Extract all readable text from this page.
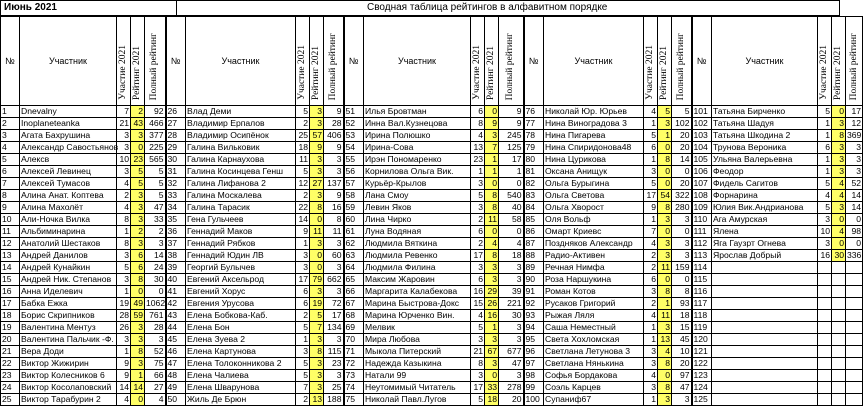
Июнь 2021	Сводная таблица рейтингов в алфавитном порядке
№	Участник	Участие 2021	Рейтинг 2021	Полный рейтинг	№	Участник	Участие 2021	Рейтинг 2021	Полный рейтинг	№	Участник	Участие 2021	Рейтинг 2021	Полный рейтинг	№	Участник	Участие 2021	Рейтинг 2021	Полный рейтинг	№	Участник	Участие 2021	Рейтинг 2021	Полный рейтинг
1	Dnevalny	7	2	92	26	Влад Деми	5	3	9	51	Илья Бровтман	6	0	9	76	Николай Юр. Юрьев	4	5	5	101	Татьяна Бирченко	5	0	17
2	Inoplaneteanka	21	43	466	27	Владимир Ерпалов	2	3	28	52	Инна Вал.Кузнецова	8	9	9	77	Нина Виноградова 3	1	3	102	102	Татьяна Шадуя	1	3	12
3	Агата Бахрушина	3	3	377	28	Владимир Осипёнок	25	57	406	53	Ирина Полюшко	4	3	245	78	Нина Пигарева	5	1	20	103	Татьяна Шкодина 2	1	8	369
4	Александр Савостьянов	3	0	225	29	Галина Вильковик	18	9	9	54	Ирина-Сова	13	7	125	79	Нина Спиридонова48	6	0	20	104	Трунова Вероника	6	3	3
5	Алексв	10	23	565	30	Галина Карнаухова	11	3	3	55	Ирэн Пономаренко	23	1	17	80	Нина Цурикова	1	8	14	105	Ульяна Валерьевна	1	3	3
6	Алексей Левинец	3	5	5	31	Галина Косинцева Генш	5	3	3	56	Корнилова Ольга Вик.	1	1	1	81	Оксана Анищук	3	0	0	106	Феодор	1	3	3
7	Алексей Тумасов	4	5	5	32	Галина Лифанова 2	12	27	137	57	Курьёр-Крылов	3	0	0	82	Ольга Бурыгина	5	0	20	107	Фидель Сагитов	5	4	52
8	Алина Анат. Коптева	2	3	5	33	Галина Москалева	2	3	9	58	Лана Смоу	5	8	540	83	Ольга Светова	17	54	322	108	Форнарина	4	4	14
9	Алина Махолёт	4	3	47	34	Галина Тарасик	22	8	16	59	Левин Яков	3	8	40	84	Ольга Хворост	9	8	280	109	Юлия Вик.Андрианова	5	3	14
10	Али-Ночка Вилка	8	3	33	35	Гена Гульчеев	14	0	8	60	Лина Чирко	2	11	58	85	Оля Вольф	1	3	3	110	Ага Амурская	3	0	0
11	Альбиминарина	1	2	2	36	Геннадий Маков	9	11	11	61	Луна Водяная	6	0	0	86	Омарт Криевс	7	0	0	111	Ялена	10	4	98
12	Анатолий Шестаков	8	3	3	37	Геннадий Рябков	1	3	3	62	Людмила Вяткина	2	4	4	87	Поздняков Александр	4	3	3	112	Яга Гаузрт Огнева	3	0	0
13	Андрей Данилов	3	6	14	38	Геннадий Юдин ЛВ	3	0	60	63	Людмила Ревенко	17	8	18	88	Радио-Активен	2	3	3	113	Ярослав Добрый	16	30	336
14	Андрей Кунайкин	5	6	24	39	Георгий Булычев	3	0	3	64	Людмила Филина	3	3	3	89	Речная Нимфа	2	11	159	114				
15	Андрей Ник. Степанов	3	8	30	40	Евгений Аксельрод	17	79	662	65	Максим Жаровин	6	3	3	90	Роза Наршукина	6	0	0	115				
16	Анна Иделевич	1	0	0	41	Евгений Хорус	6	3	3	66	Маргарита Калабекова	16	29	39	91	Роман Котов	3	8	8	116				
17	Бабка Ежка	19	49	1062	42	Евгения Урусова	6	19	72	67	Марина Быстрова-Докс	15	26	221	92	Русаков Григорий	2	1	93	117				
18	Борис Скрипников	28	59	761	43	Елена Бобкова-Каб.	2	5	17	68	Марина Юрченко Вин.	4	16	30	93	Рыжая Ляля	4	11	18	118				
19	Валентина Ментуз	26	3	28	44	Елена Бон	5	7	134	69	Мелвик	5	1	3	94	Саша Неместный	1	3	15	119				
20	Валентина Пальчик -Ф.	3	3	3	45	Елена Зуева 2	1	3	3	70	Мира Любова	3	3	3	95	Света Хохломская	1	13	45	120				
21	Вера Доди	1	8	52	46	Елена Картунова	3	8	115	71	Мыкола Питерский	21	67	677	96	Светлана Летунова 3	3	4	10	121				
22	Виктор Жижирин	9	3	75	47	Елена Толоконникова 2	5	3	23	72	Надежда Казыкина	8	3	47	97	Светлана Нянькина	3	8	20	122				
23	Виктор Колесников 6	9	1	66	48	Елена Чалиева	5	3	3	73	Натали 99	3	0	3	98	Софья Бордакова	4	0	97	123				
24	Виктор Косолаповский	14	14	27	49	Елена Шварунова	7	3	25	74	Неутомимый Читатель	17	33	278	99	Соэль Карцев	3	8	47	124				
25	Виктор Тарабурин 2	4	0	4	50	Жиль Де Брюн	2	13	188	75	Николай Павл.Лугов	5	18	20	100	Супаниф67	1	3	3	125				
